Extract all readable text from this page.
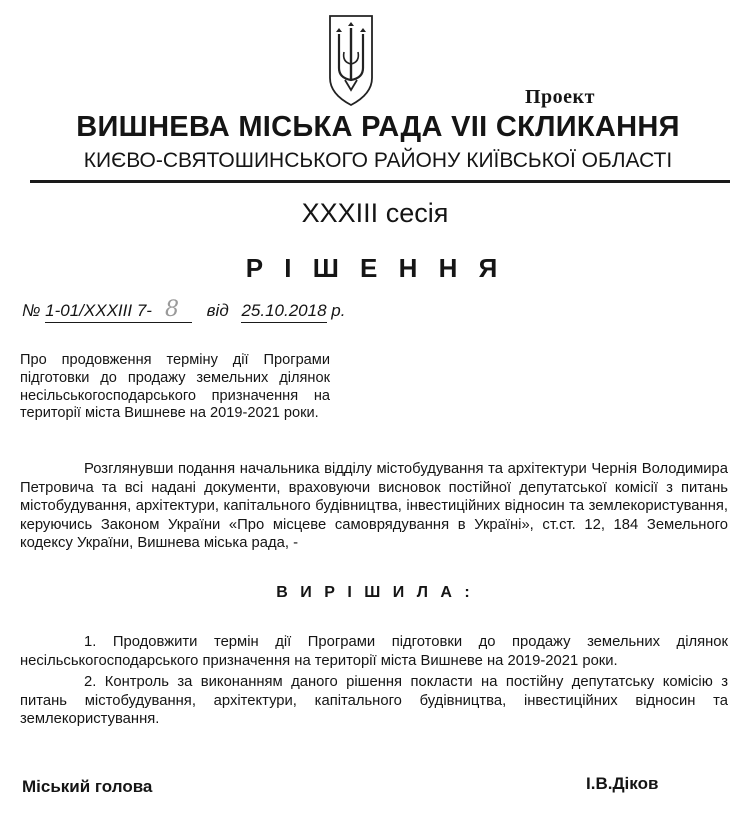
Проект
ВИШНЕВА МІСЬКА РАДА VII СКЛИКАННЯ
КИЄВО-СВЯТОШИНСЬКОГО РАЙОНУ КИЇВСЬКОЇ ОБЛАСТІ
XXXIII сесія
Р І Ш Е Н Н Я
№ 1-01/XXXIII 7- 8 від 25.10.2018 р.

Про продовження терміну дії Програми підготовки до продажу земельних ділянок несільськогосподарського призначення на території міста Вишневе на 2019-2021 роки.

Розглянувши подання начальника відділу містобудування та архітектури Чернія Володимира Петровича та всі надані документи, враховуючи висновок постійної депутатської комісії з питань містобудування, архітектури, капітального будівництва, інвестиційних відносин та землекористування, керуючись Законом України «Про місцеве самоврядування в Україні», ст.ст. 12, 184 Земельного кодексу України, Вишнева міська рада, -

В И Р І Ш И Л А :

1. Продовжити термін дії Програми підготовки до продажу земельних ділянок несільськогосподарського призначення на території міста Вишневе на 2019-2021 роки.

2. Контроль за виконанням даного рішення покласти на постійну депутатську комісію з питань містобудування, архітектури, капітального будівництва, інвестиційних відносин та землекористування.

Міський голова	І.В.Діков
